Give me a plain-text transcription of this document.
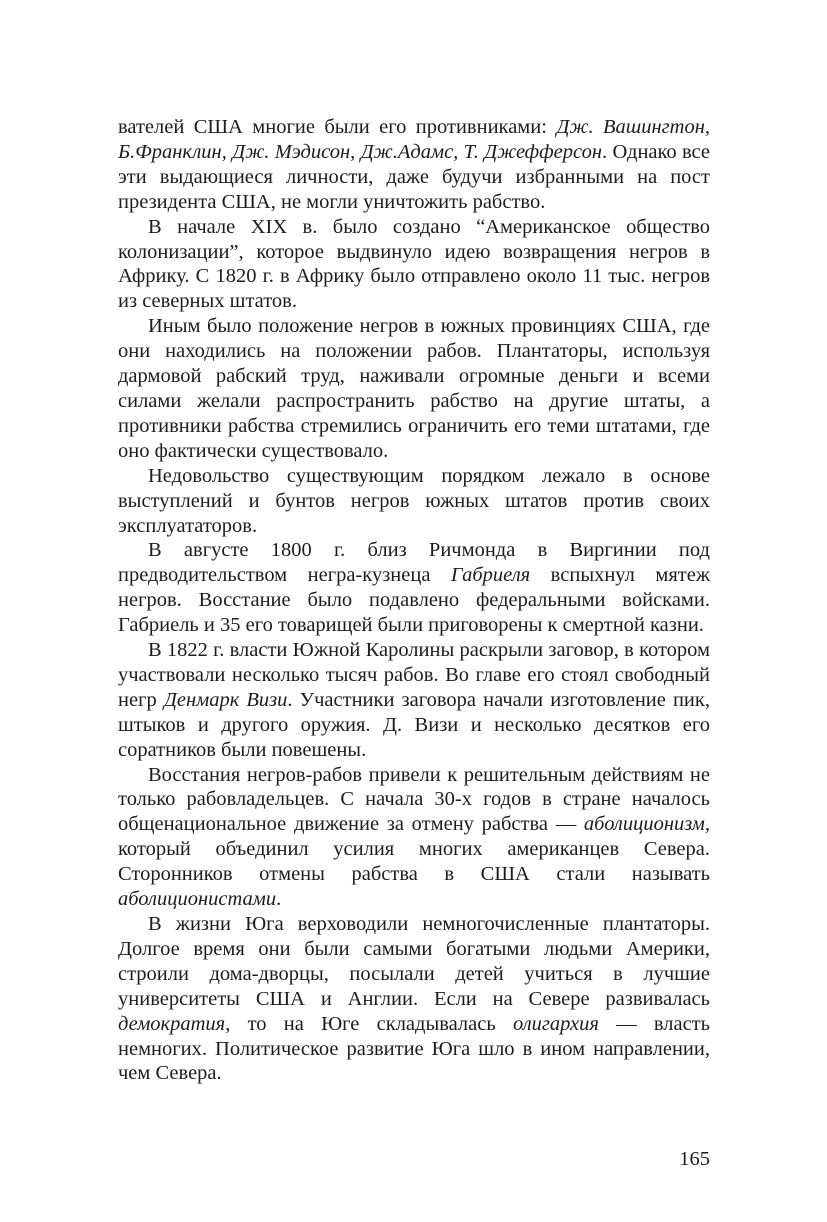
вателей США многие были его противниками: Дж. Вашингтон, Б.Франклин, Дж. Мэдисон, Дж.Адамс, Т. Джефферсон. Однако все эти выдающиеся личности, даже будучи избранными на пост президента США, не могли уничтожить рабство.

В начале XIX в. было создано “Американское общество колонизации”, которое выдвинуло идею возвращения негров в Африку. С 1820 г. в Африку было отправлено около 11 тыс. негров из северных штатов.

Иным было положение негров в южных провинциях США, где они находились на положении рабов. Плантаторы, используя дармовой рабский труд, наживали огромные деньги и всеми силами желали распространить рабство на другие штаты, а противники рабства стремились ограничить его теми штатами, где оно фактически существовало.

Недовольство существующим порядком лежало в основе выступлений и бунтов негров южных штатов против своих эксплуататоров.

В августе 1800 г. близ Ричмонда в Виргинии под предводительством негра-кузнеца Габриеля вспыхнул мятеж негров. Восстание было подавлено федеральными войсками. Габриель и 35 его товарищей были приговорены к смертной казни.

В 1822 г. власти Южной Каролины раскрыли заговор, в котором участвовали несколько тысяч рабов. Во главе его стоял свободный негр Денмарк Визи. Участники заговора начали изготовление пик, штыков и другого оружия. Д. Визи и несколько десятков его соратников были повешены.

Восстания негров-рабов привели к решительным действиям не только рабовладельцев. С начала 30-х годов в стране началось общенациональное движение за отмену рабства — аболиционизм, который объединил усилия многих американцев Севера. Сторонников отмены рабства в США стали называть аболиционистами.

В жизни Юга верховодили немногочисленные плантаторы. Долгое время они были самыми богатыми людьми Америки, строили дома-дворцы, посылали детей учиться в лучшие университеты США и Англии. Если на Севере развивалась демократия, то на Юге складывалась олигархия — власть немногих. Политическое развитие Юга шло в ином направлении, чем Севера.

165
